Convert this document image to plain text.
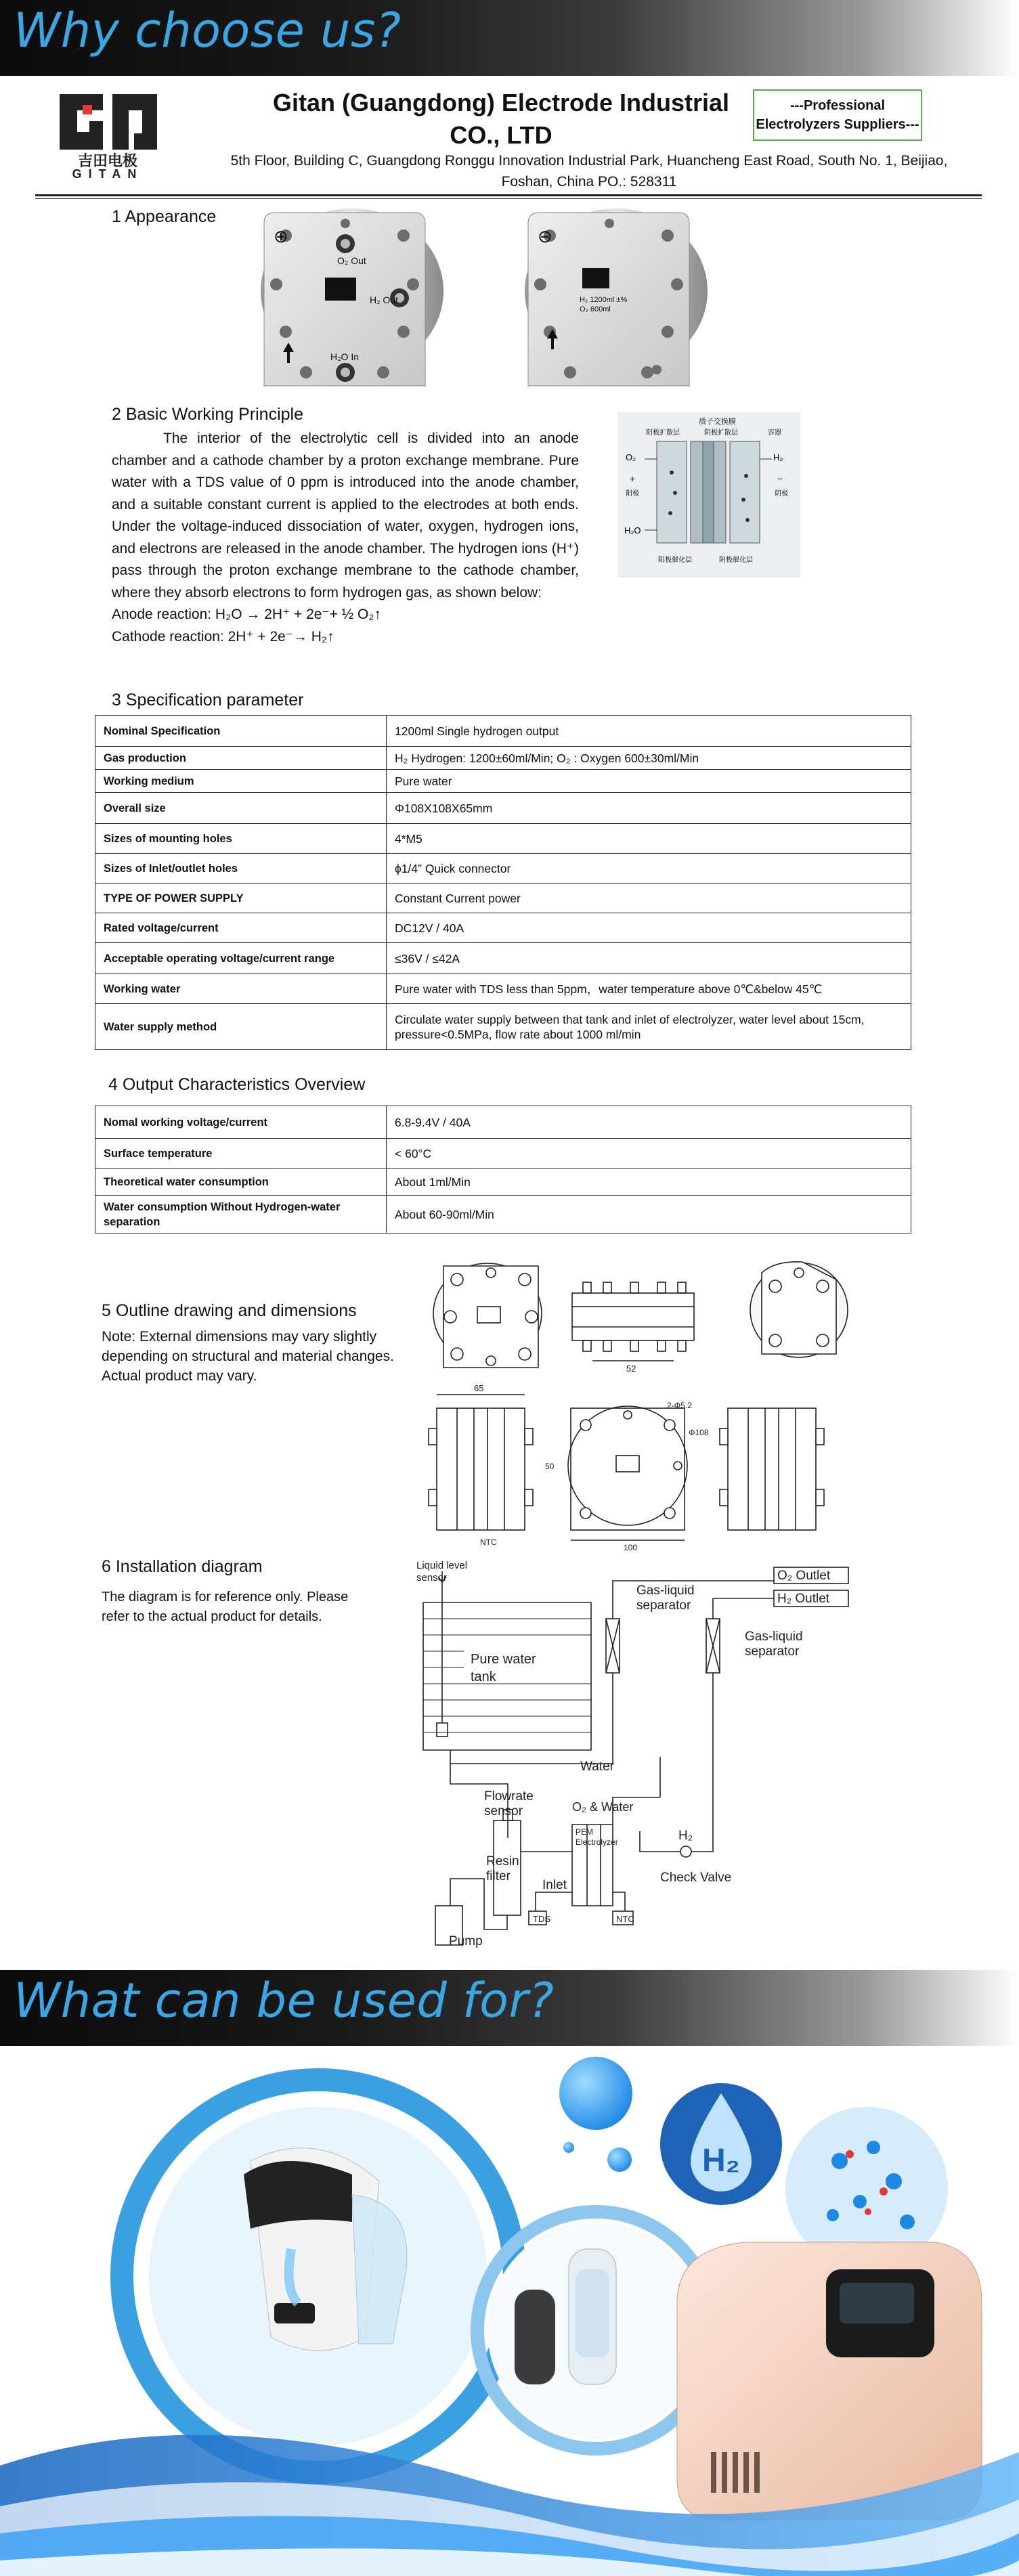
Why choose us?
吉田电极
GITAN
Gitan (Guangdong) Electrode Industrial
CO., LTD
---Professional
Electrolyzers Suppliers---
5th Floor, Building C, Guangdong Ronggu Innovation Industrial Park, Huancheng East Road, South No. 1, Beijiao,
Foshan, China PO.: 528311
1 Appearance
⊕
O₂ Out
H₂ Out
H₂O In
⊖
H₂ 1200ml ±%
O₂ 600ml
2 Basic Working Principle

The interior of the electrolytic cell is divided into an anode chamber and a cathode chamber by a proton exchange membrane. Pure water with a TDS value of 0 ppm is introduced into the anode chamber, and a suitable constant current is applied to the electrodes at both ends. Under the voltage-induced dissociation of water, oxygen, hydrogen ions, and electrons are released in the anode chamber. The hydrogen ions (H⁺) pass through the proton exchange membrane to the cathode chamber, where they absorb electrons to form hydrogen gas, as shown below:

Anode reaction: H₂O → 2H⁺ + 2e⁻+ ½ O₂↑

Cathode reaction: 2H⁺ + 2e⁻→ H₂↑

质子交换膜
阳极扩散层	阴极扩散层	容器
O₂	H₂
+	−
阳极	阴极
H₂O
阳极催化层	阴极催化层
3 Specification parameter
Nominal Specification	1200ml Single hydrogen output
Gas production	H₂ Hydrogen: 1200±60ml/Min; O₂ : Oxygen 600±30ml/Min
Working medium	Pure water
Overall size	Φ108X108X65mm
Sizes of mounting holes	4*M5
Sizes of Inlet/outlet holes	ϕ1/4” Quick connector
TYPE OF POWER SUPPLY	Constant Current power
Rated voltage/current	DC12V / 40A
Acceptable operating voltage/current range	≤36V / ≤42A
Working water	Pure water with TDS less than 5ppm，water temperature above 0℃&below 45℃
Water supply method	Circulate water supply between that tank and inlet of electrolyzer, water level about 15cm, pressure<0.5MPa, flow rate about 1000 ml/min
4 Output Characteristics Overview
Nomal working voltage/current	6.8-9.4V / 40A
Surface temperature	< 60°C
Theoretical water consumption	About 1ml/Min
Water consumption Without Hydrogen-water separation	About 60-90ml/Min
5 Outline drawing and dimensions
Note: External dimensions may vary slightly depending on structural and material changes. Actual product may vary.	52
65
NTC
100
2-Φ5.2
Φ108
50
6 Installation diagram
The diagram is for reference only. Please refer to the actual product for details.
Liquid level
sensor
Pure water
tank
Gas-liquid
separator
Gas-liquid
separator
O₂ Outlet
H₂ Outlet
Water
Flowrate
sensor	O₂ & Water
PEM
Electrolyzer	H₂
Check Valve
Resin
filter
Inlet
TDS	NTC
Pump
What can be used for?
H₂
